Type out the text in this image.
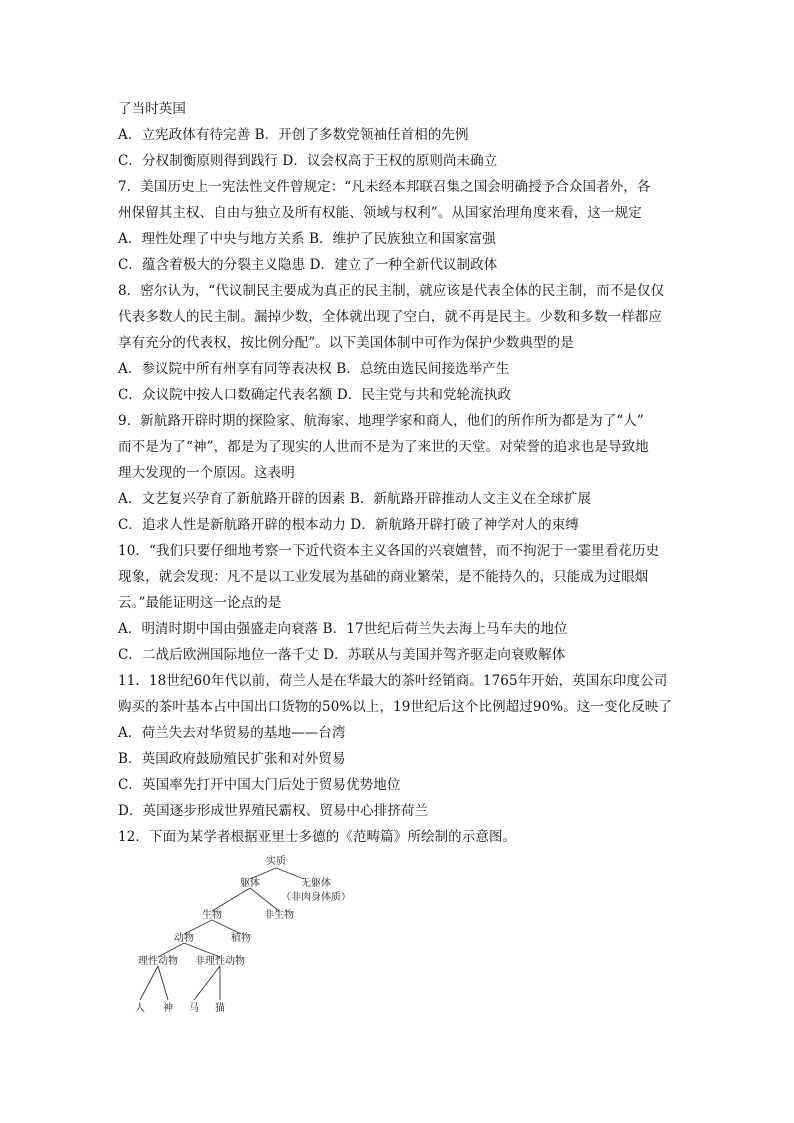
了当时英国
A．立宪政体有待完善 B．开创了多数党领袖任首相的先例
C．分权制衡原则得到践行 D．议会权高于王权的原则尚未确立
7．美国历史上一宪法性文件曾规定：“凡未经本邦联召集之国会明确授予合众国者外，各
州保留其主权、自由与独立及所有权能、领域与权利”。从国家治理角度来看，这一规定
A．理性处理了中央与地方关系 B．维护了民族独立和国家富强
C．蕴含着极大的分裂主义隐患 D．建立了一种全新代议制政体
8．密尔认为，“代议制民主要成为真正的民主制，就应该是代表全体的民主制，而不是仅仅
代表多数人的民主制。漏掉少数，全体就出现了空白，就不再是民主。少数和多数一样都应
享有充分的代表权，按比例分配”。以下美国体制中可作为保护少数典型的是
A．参议院中所有州享有同等表决权 B．总统由选民间接选举产生
C．众议院中按人口数确定代表名额 D．民主党与共和党轮流执政
9．新航路开辟时期的探险家、航海家、地理学家和商人，他们的所作所为都是为了“人”
而不是为了“神”，都是为了现实的人世而不是为了来世的天堂。对荣誉的追求也是导致地
理大发现的一个原因。这表明
A．文艺复兴孕育了新航路开辟的因素 B．新航路开辟推动人文主义在全球扩展
C．追求人性是新航路开辟的根本动力 D．新航路开辟打破了神学对人的束缚
10．“我们只要仔细地考察一下近代资本主义各国的兴衰嬗替，而不拘泥于一霎里看花历史
现象，就会发现：凡不是以工业发展为基础的商业繁荣，是不能持久的，只能成为过眼烟
云。”最能证明这一论点的是
A．明清时期中国由强盛走向衰落 B．17世纪后荷兰失去海上马车夫的地位
C．二战后欧洲国际地位一落千丈 D．苏联从与美国并驾齐驱走向衰败解体
11．18世纪60年代以前，荷兰人是在华最大的茶叶经销商。1765年开始，英国东印度公司
购买的茶叶基本占中国出口货物的50%以上，19世纪后这个比例超过90%。这一变化反映了
A．荷兰失去对华贸易的基地——台湾
B．英国政府鼓励殖民扩张和对外贸易
C．英国率先打开中国大门后处于贸易优势地位
D．英国逐步形成世界殖民霸权、贸易中心排挤荷兰
12．下面为某学者根据亚里士多德的《范畴篇》所绘制的示意图。
实质
躯体	无躯体
（非肉身体质）
生物	非生物
动物	植物
理性动物 非理性动物
人 神 马 猫
